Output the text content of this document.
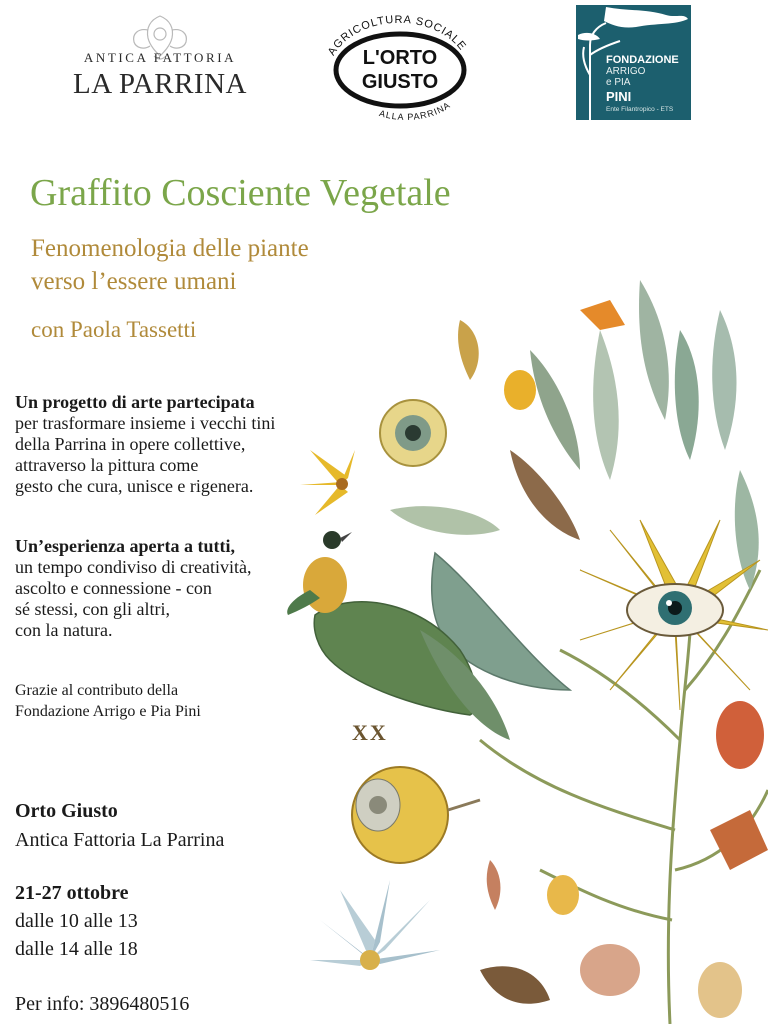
ANTICA FATTORIA
LA PARRINA
AGRICOLTURA SOCIALE
L'ORTO
GIUSTO
ALLA PARRINA
FONDAZIONE
ARRIGO
e PIA
PINI
Ente Filantropico - ETS
XX
Graffito Cosciente Vegetale
Fenomenologia delle piante
verso l’essere umani
con Paola Tassetti
Un progetto di arte partecipata
per trasformare insieme i vecchi tini
della Parrina in opere collettive,
attraverso la pittura come
gesto che cura, unisce e rigenera.
Un’esperienza aperta a tutti,
un tempo condiviso di creatività,
ascolto e connessione - con
sé stessi, con gli altri,
con la natura.
Grazie al contributo della
Fondazione Arrigo e Pia Pini
Orto Giusto
Antica Fattoria La Parrina
21-27 ottobre
dalle 10 alle 13
dalle 14 alle 18
Per info: 3896480516
